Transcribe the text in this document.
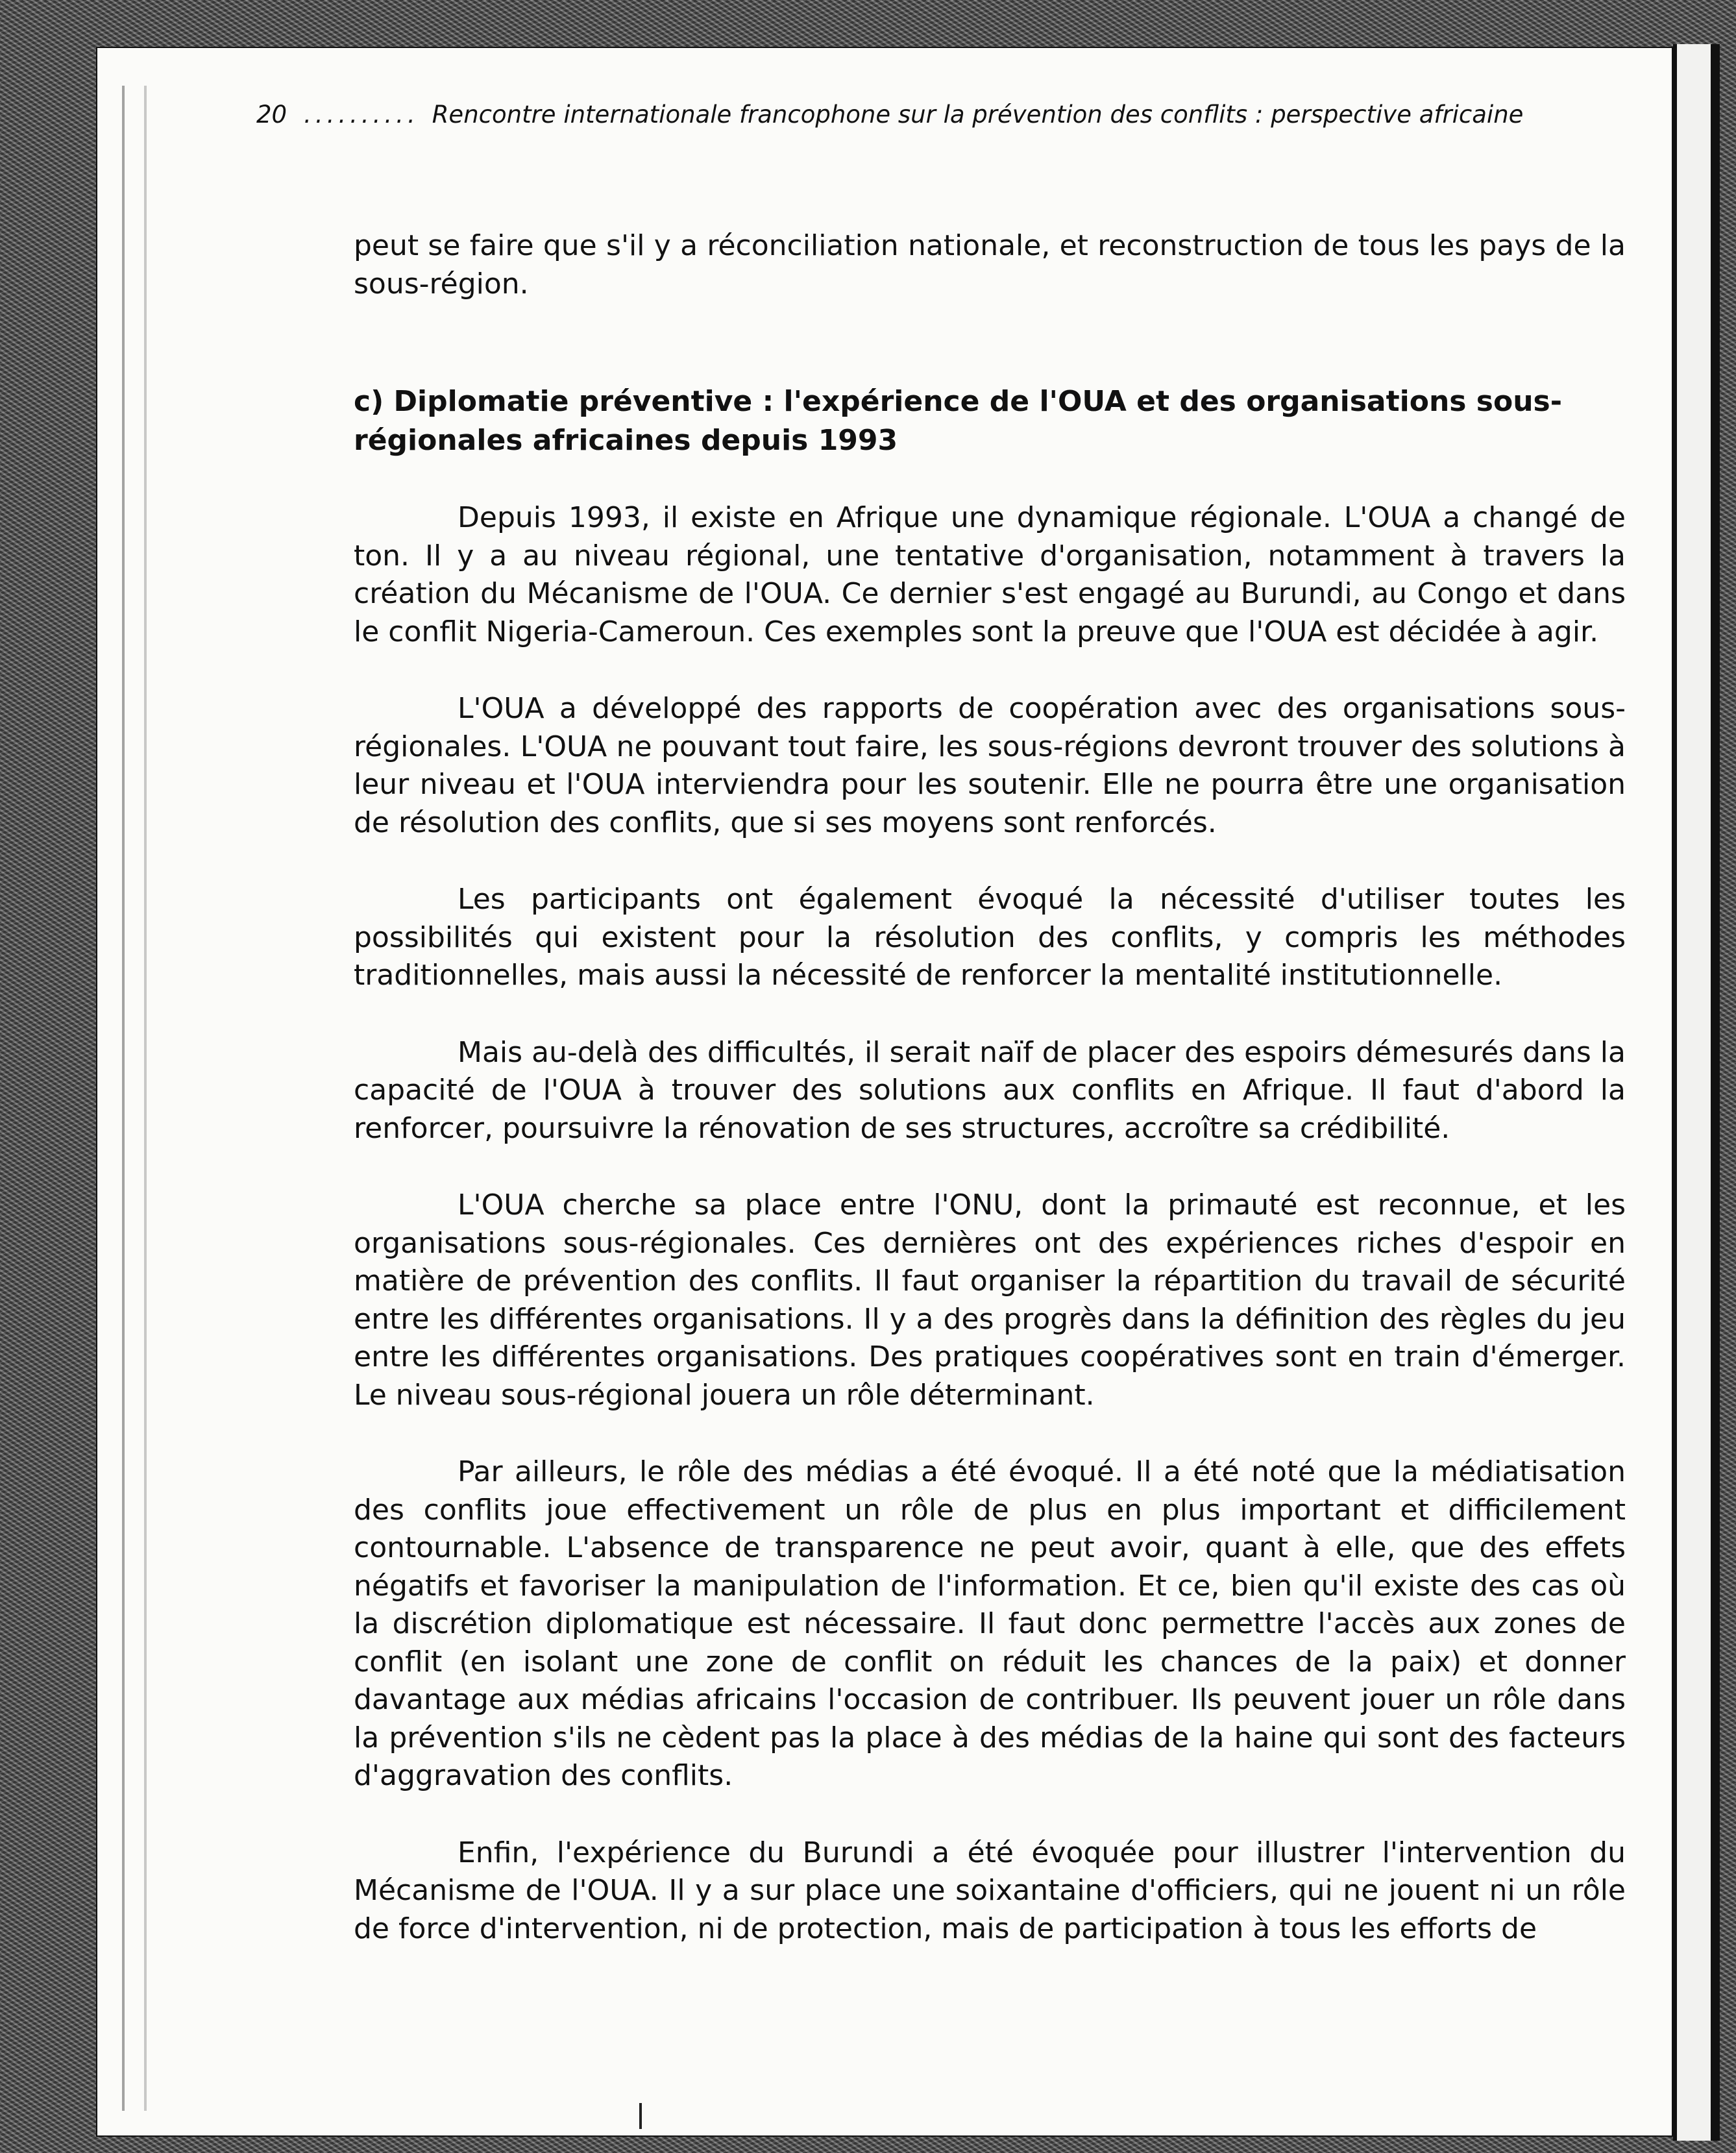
20 .......... Rencontre internationale francophone sur la prévention des conflits : perspective africaine

peut se faire que s'il y a réconciliation nationale, et reconstruction de tous les pays de la sous-région.

c) Diplomatie préventive : l'expérience de l'OUA et des organisations sous-régionales africaines depuis 1993

Depuis 1993, il existe en Afrique une dynamique régionale. L'OUA a changé de ton. Il y a au niveau régional, une tentative d'organisation, notamment à travers la création du Mécanisme de l'OUA. Ce dernier s'est engagé au Burundi, au Congo et dans le conflit Nigeria-Cameroun. Ces exemples sont la preuve que l'OUA est décidée à agir.

L'OUA a développé des rapports de coopération avec des organisations sous-régionales. L'OUA ne pouvant tout faire, les sous-régions devront trouver des solutions à leur niveau et l'OUA interviendra pour les soutenir. Elle ne pourra être une organisation de résolution des conflits, que si ses moyens sont renforcés.

Les participants ont également évoqué la nécessité d'utiliser toutes les possibilités qui existent pour la résolution des conflits, y compris les méthodes traditionnelles, mais aussi la nécessité de renforcer la mentalité institutionnelle.

Mais au-delà des difficultés, il serait naïf de placer des espoirs démesurés dans la capacité de l'OUA à trouver des solutions aux conflits en Afrique. Il faut d'abord la renforcer, poursuivre la rénovation de ses structures, accroître sa crédibilité.

L'OUA cherche sa place entre l'ONU, dont la primauté est reconnue, et les organisations sous-régionales. Ces dernières ont des expériences riches d'espoir en matière de prévention des conflits. Il faut organiser la répartition du travail de sécurité entre les différentes organisations. Il y a des progrès dans la définition des règles du jeu entre les différentes organisations. Des pratiques coopératives sont en train d'émerger. Le niveau sous-régional jouera un rôle déterminant.

Par ailleurs, le rôle des médias a été évoqué. Il a été noté que la médiatisation des conflits joue effectivement un rôle de plus en plus important et difficilement contournable. L'absence de transparence ne peut avoir, quant à elle, que des effets négatifs et favoriser la manipulation de l'information. Et ce, bien qu'il existe des cas où la discrétion diplomatique est nécessaire. Il faut donc permettre l'accès aux zones de conflit (en isolant une zone de conflit on réduit les chances de la paix) et donner davantage aux médias africains l'occasion de contribuer. Ils peuvent jouer un rôle dans la prévention s'ils ne cèdent pas la place à des médias de la haine qui sont des facteurs d'aggravation des conflits.

Enfin, l'expérience du Burundi a été évoquée pour illustrer l'intervention du Mécanisme de l'OUA. Il y a sur place une soixantaine d'officiers, qui ne jouent ni un rôle de force d'intervention, ni de protection, mais de participation à tous les efforts de
